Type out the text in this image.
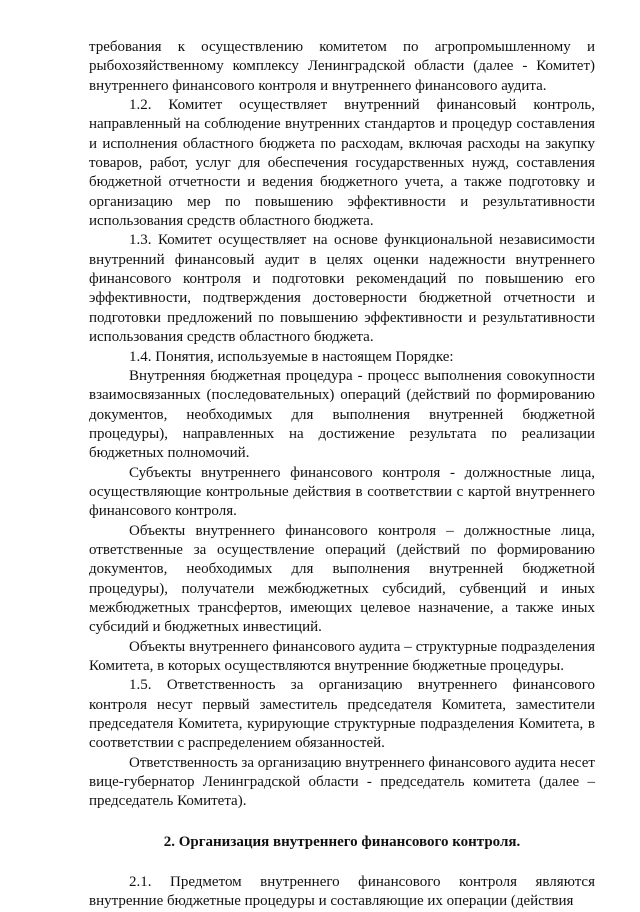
требования к осуществлению комитетом по агропромышленному и рыбохозяйственному комплексу Ленинградской области (далее - Комитет) внутреннего финансового контроля и внутреннего финансового аудита.

1.2. Комитет осуществляет внутренний финансовый контроль, направленный на соблюдение внутренних стандартов и процедур составления и исполнения областного бюджета по расходам, включая расходы на закупку товаров, работ, услуг для обеспечения государственных нужд, составления бюджетной отчетности и ведения бюджетного учета, а также подготовку и организацию мер по повышению эффективности и результативности использования средств областного бюджета.

1.3. Комитет осуществляет на основе функциональной независимости внутренний финансовый аудит в целях оценки надежности внутреннего финансового контроля и подготовки рекомендаций по повышению его эффективности, подтверждения достоверности бюджетной отчетности и подготовки предложений по повышению эффективности и результативности использования средств областного бюджета.

1.4. Понятия, используемые в настоящем Порядке:

Внутренняя бюджетная процедура - процесс выполнения совокупности взаимосвязанных (последовательных) операций (действий по формированию документов, необходимых для выполнения внутренней бюджетной процедуры), направленных на достижение результата по реализации бюджетных полномочий.

Субъекты внутреннего финансового контроля - должностные лица, осуществляющие контрольные действия в соответствии с картой внутреннего финансового контроля.

Объекты внутреннего финансового контроля – должностные лица, ответственные за осуществление операций (действий по формированию документов, необходимых для выполнения внутренней бюджетной процедуры), получатели межбюджетных субсидий, субвенций и иных межбюджетных трансфертов, имеющих целевое назначение, а также иных субсидий и бюджетных инвестиций.

Объекты внутреннего финансового аудита – структурные подразделения Комитета, в которых осуществляются внутренние бюджетные процедуры.

1.5. Ответственность за организацию внутреннего финансового контроля несут первый заместитель председателя Комитета, заместители председателя Комитета, курирующие структурные подразделения Комитета, в соответствии с распределением обязанностей.

Ответственность за организацию внутреннего финансового аудита несет вице-губернатор Ленинградской области - председатель комитета (далее – председатель Комитета).

2. Организация внутреннего финансового контроля.

2.1. Предметом внутреннего финансового контроля являются внутренние бюджетные процедуры и составляющие их операции (действия
